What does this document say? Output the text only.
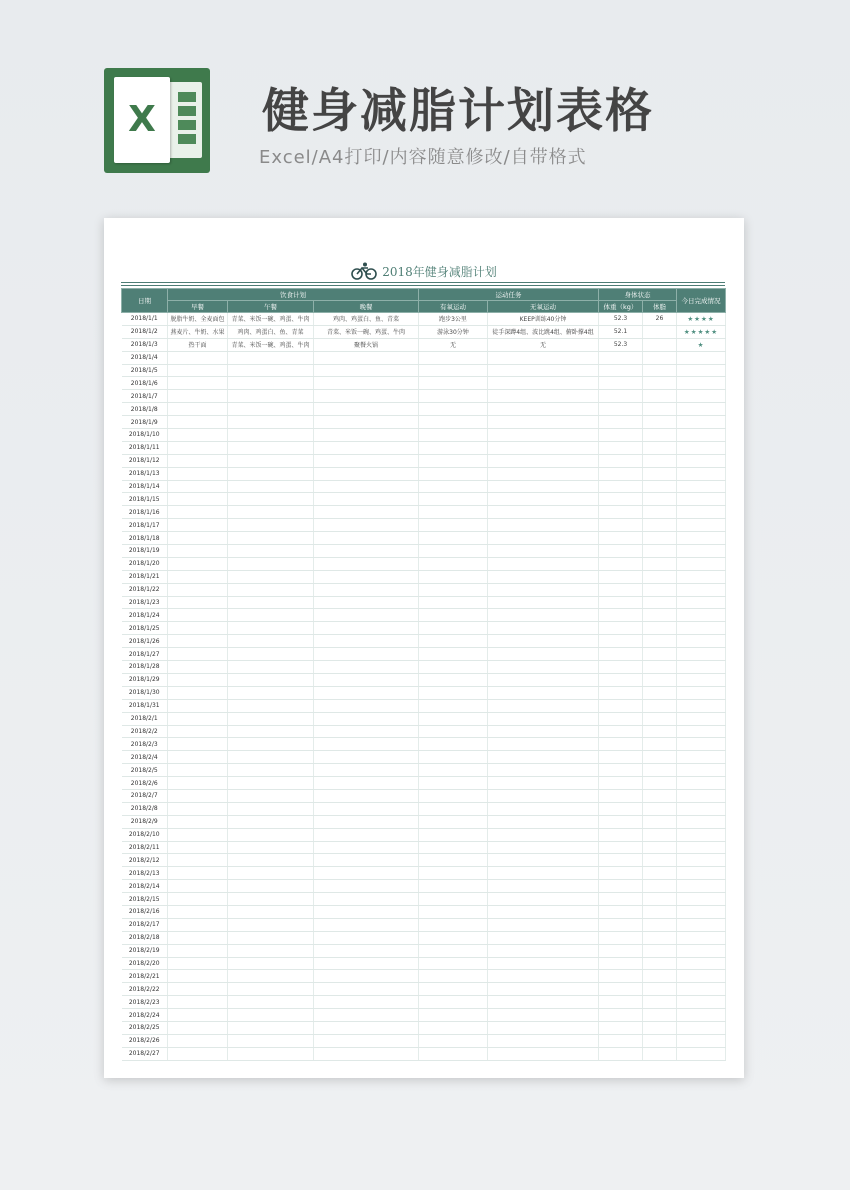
X	健身减脂计划表格
Excel/A4打印/内容随意修改/自带格式
2018年健身减脂计划
日期	饮食计划			运动任务		身体状态		今日完成情况
	早餐	午餐	晚餐	有氧运动	无氧运动	体重（kg）	体脂	
2018/1/1	脱脂牛奶、全麦面包	青菜、米饭一碗、鸡蛋、牛肉	鸡肉、鸡蛋白、鱼、青菜	跑步3公里	KEEP训练40分钟	52.3	26	★★★★
2018/1/2	燕麦片、牛奶、水果	鸡肉、鸡蛋白、鱼、青菜	青菜、米饭一碗、鸡蛋、牛肉	游泳30分钟	徒手深蹲4组、波比跳4组、俯卧撑4组	52.1		★★★★★
2018/1/3	热干面	青菜、米饭一碗、鸡蛋、牛肉	聚餐火锅	无	无	52.3		★
2018/1/4								
2018/1/5								
2018/1/6								
2018/1/7								
2018/1/8								
2018/1/9								
2018/1/10								
2018/1/11								
2018/1/12								
2018/1/13								
2018/1/14								
2018/1/15								
2018/1/16								
2018/1/17								
2018/1/18								
2018/1/19								
2018/1/20								
2018/1/21								
2018/1/22								
2018/1/23								
2018/1/24								
2018/1/25								
2018/1/26								
2018/1/27								
2018/1/28								
2018/1/29								
2018/1/30								
2018/1/31								
2018/2/1								
2018/2/2								
2018/2/3								
2018/2/4								
2018/2/5								
2018/2/6								
2018/2/7								
2018/2/8								
2018/2/9								
2018/2/10								
2018/2/11								
2018/2/12								
2018/2/13								
2018/2/14								
2018/2/15								
2018/2/16								
2018/2/17								
2018/2/18								
2018/2/19								
2018/2/20								
2018/2/21								
2018/2/22								
2018/2/23								
2018/2/24								
2018/2/25								
2018/2/26								
2018/2/27								
